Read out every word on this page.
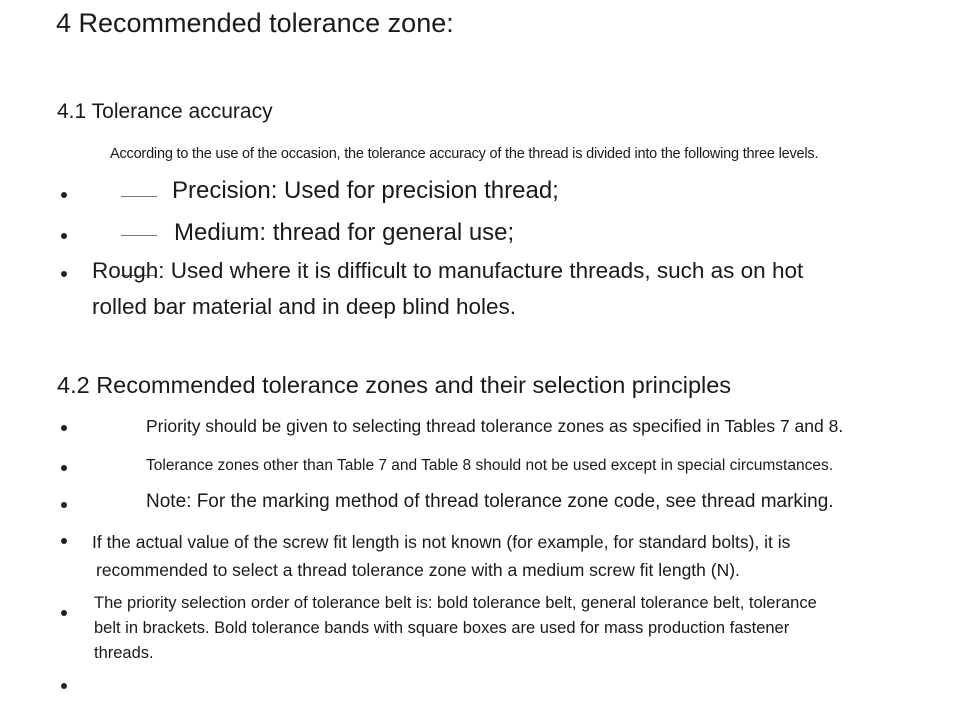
4 Recommended tolerance zone:
4.1 Tolerance accuracy
According to the use of the occasion, the tolerance accuracy of the thread is divided into the following three levels.
Precision: Used for precision thread;
Medium: thread for general use;
Rough: Used where it is difficult to manufacture threads, such as on hot
rolled bar material and in deep blind holes.
4.2 Recommended tolerance zones and their selection principles
Priority should be given to selecting thread tolerance zones as specified in Tables 7 and 8.
Tolerance zones other than Table 7 and Table 8 should not be used except in special circumstances.
Note: For the marking method of thread tolerance zone code, see thread marking.
If the actual value of the screw fit length is not known (for example, for standard bolts), it is
recommended to select a thread tolerance zone with a medium screw fit length (N).
The priority selection order of tolerance belt is: bold tolerance belt, general tolerance belt, tolerance
belt in brackets. Bold tolerance bands with square boxes are used for mass production fastener
threads.
